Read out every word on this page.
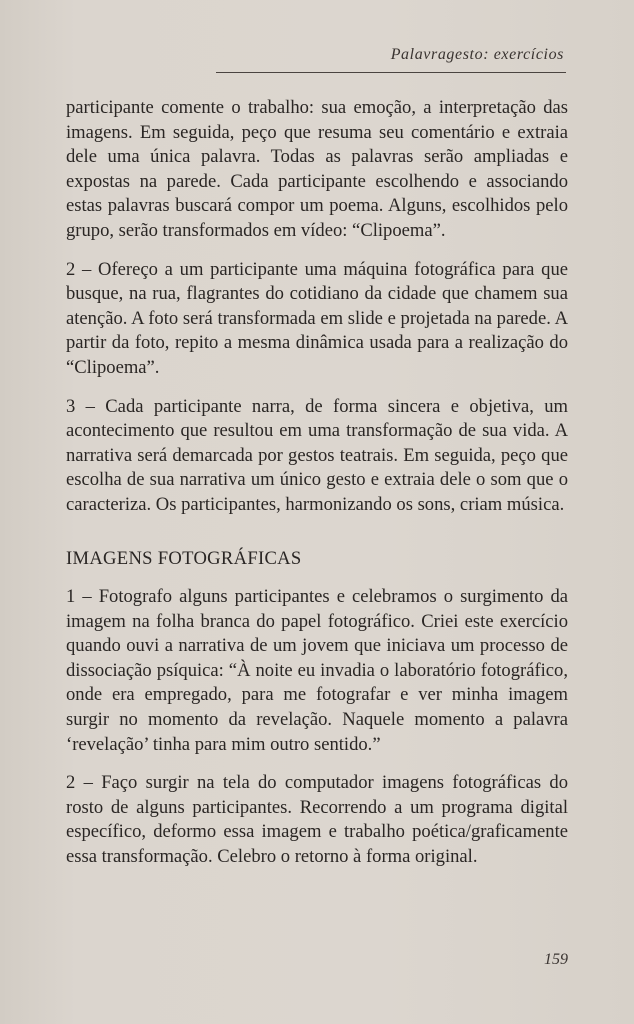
Palavragesto: exercícios

participante comente o trabalho: sua emoção, a interpretação das imagens. Em seguida, peço que resuma seu comentário e extraia dele uma única palavra. Todas as palavras serão ampliadas e expostas na parede. Cada participante escolhendo e associando estas palavras buscará compor um poema. Alguns, escolhidos pelo grupo, serão transformados em vídeo: “Clipoema”.

2 – Ofereço a um participante uma máquina fotográfica para que busque, na rua, flagrantes do cotidiano da cidade que chamem sua atenção. A foto será transformada em slide e projetada na parede. A partir da foto, repito a mesma dinâmica usada para a realização do “Clipoema”.

3 – Cada participante narra, de forma sincera e objetiva, um acontecimento que resultou em uma transformação de sua vida. A narrativa será demarcada por gestos teatrais. Em seguida, peço que escolha de sua narrativa um único gesto e extraia dele o som que o caracteriza. Os participantes, harmonizando os sons, criam música.

IMAGENS FOTOGRÁFICAS

1 – Fotografo alguns participantes e celebramos o surgimento da imagem na folha branca do papel fotográfico. Criei este exercício quando ouvi a narrativa de um jovem que iniciava um processo de dissociação psíquica: “À noite eu invadia o laboratório fotográfico, onde era empregado, para me fotografar e ver minha imagem surgir no momento da revelação. Naquele momento a palavra ‘revelação’ tinha para mim outro sentido.”

2 – Faço surgir na tela do computador imagens fotográficas do rosto de alguns participantes. Recorrendo a um programa digital específico, deformo essa imagem e trabalho poética/graficamente essa transformação. Celebro o retorno à forma original.

159
